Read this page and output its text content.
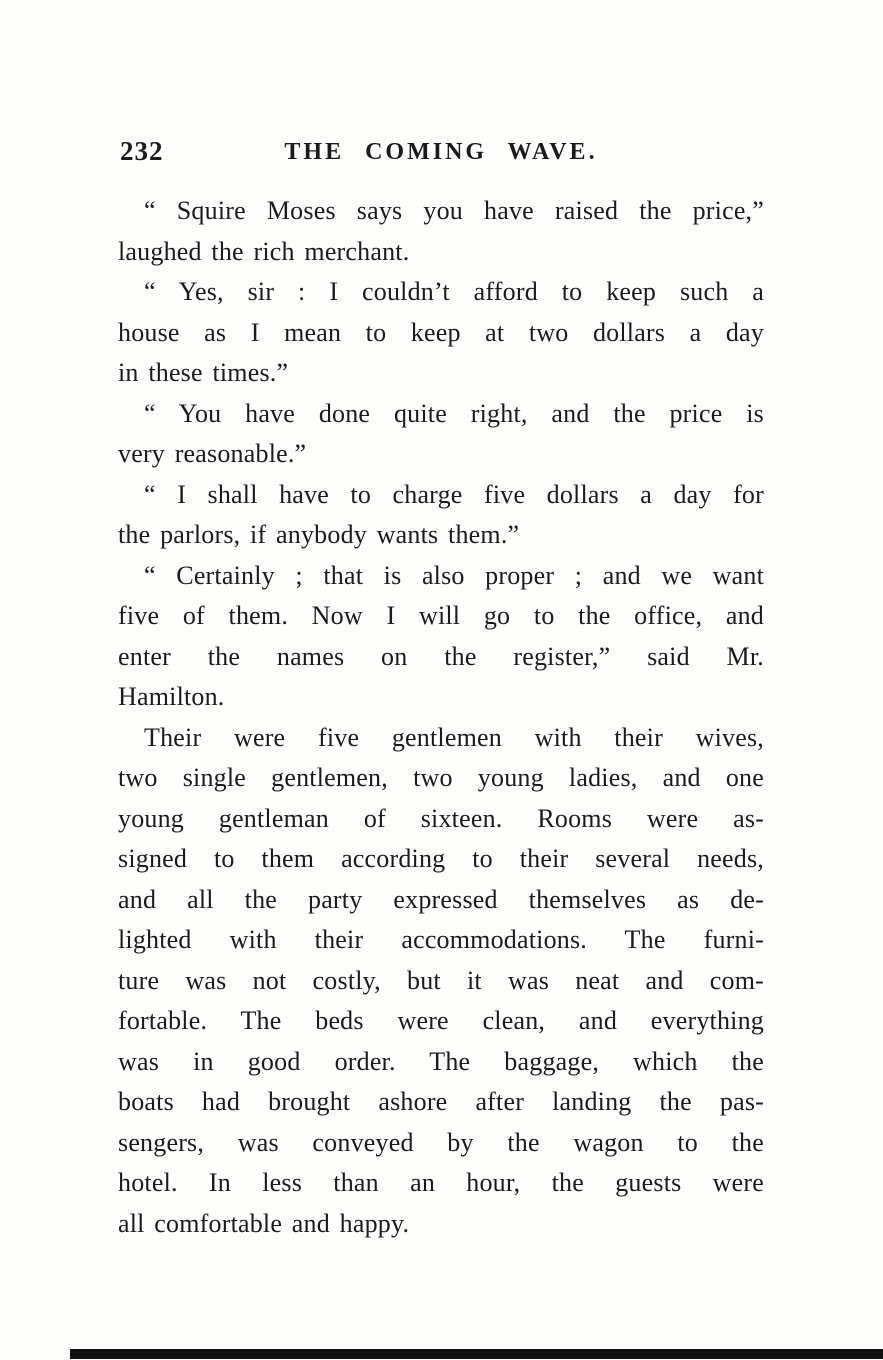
232	THE COMING WAVE.
“ Squire Moses says you have raised the price,”
laughed the rich merchant.
“ Yes, sir : I couldn’t afford to keep such a
house as I mean to keep at two dollars a day
in these times.”
“ You have done quite right, and the price is
very reasonable.”
“ I shall have to charge five dollars a day for
the parlors, if anybody wants them.”
“ Certainly ; that is also proper ; and we want
five of them. Now I will go to the office, and
enter the names on the register,” said Mr.
Hamilton.
Their were five gentlemen with their wives,
two single gentlemen, two young ladies, and one
young gentleman of sixteen. Rooms were as-
signed to them according to their several needs,
and all the party expressed themselves as de-
lighted with their accommodations. The furni-
ture was not costly, but it was neat and com-
fortable. The beds were clean, and everything
was in good order. The baggage, which the
boats had brought ashore after landing the pas-
sengers, was conveyed by the wagon to the
hotel. In less than an hour, the guests were
all comfortable and happy.
